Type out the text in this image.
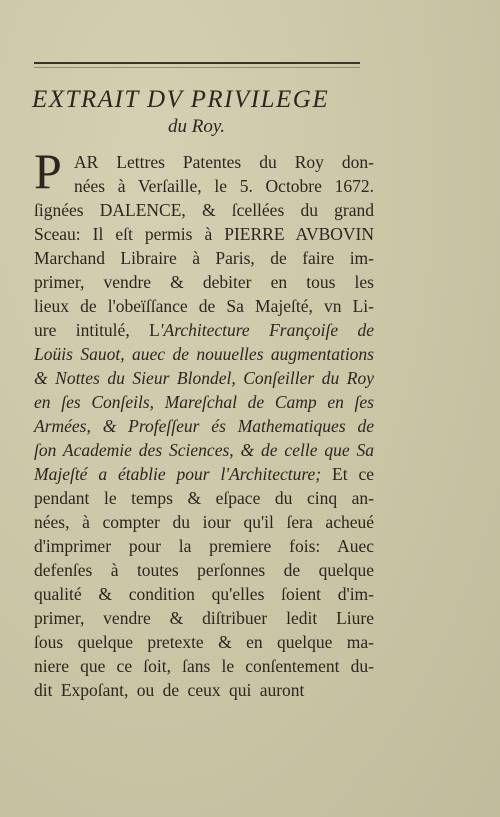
EXTRAIT DV PRIVILEGE
du Roy.
P AR Lettres Patentes du Roy don-
nées à Verſaille, le 5. Octobre 1672.
ſignées DALENCE, & ſcellées du grand
Sceau: Il eſt permis à PIERRE AVBOVIN
Marchand Libraire à Paris, de faire im-
primer, vendre & debiter en tous les
lieux de l'obeïſſance de Sa Majeſté, vn Li-
ure intitulé, L'Architecture Françoiſe de
Loüis Sauot, auec de nouuelles augmentations
& Nottes du Sieur Blondel, Conſeiller du Roy
en ſes Conſeils, Mareſchal de Camp en ſes
Armées, & Profeſſeur és Mathematiques de
ſon Academie des Sciences, & de celle que Sa
Majeſté a établie pour l'Architecture; Et ce
pendant le temps & eſpace du cinq an-
nées, à compter du iour qu'il ſera acheué
d'imprimer pour la premiere fois: Auec
defenſes à toutes perſonnes de quelque
qualité & condition qu'elles ſoient d'im-
primer, vendre & diſtribuer ledit Liure
ſous quelque pretexte & en quelque ma-
niere que ce ſoit, ſans le conſentement du-
dit Expoſant, ou de ceux qui auront
